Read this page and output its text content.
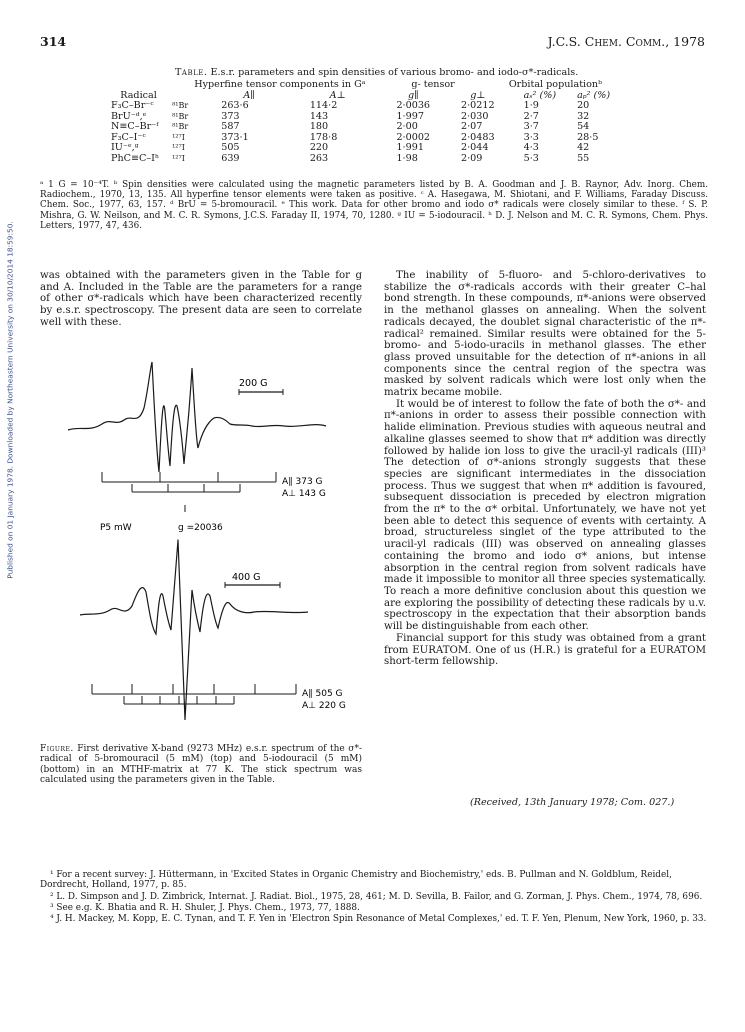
314	J.C.S. Chem. Comm., 1978
Published on 01 January 1978. Downloaded by Northeastern University on 30/10/2014 18:59:50.
Table. E.s.r. parameters and spin densities of various bromo- and iodo-σ*-radicals.
		Hyperfine tensor components in Gᵃ		g- tensor		Orbital populationᵇ	
Radical		A∥	A⊥	g∥	g⊥	aₛ² (%)	aₚ² (%)
F₃C–Br⁻ᶜ	⁸¹Br	263·6	114·2	2·0036	2·0212	1·9	20
BrU⁻ᵈ,ᵉ	⁸¹Br	373	143	1·997	2·030	2·7	32
N≡C–Br⁻ᶠ	⁸¹Br	587	180	2·00	2·07	3·7	54
F₃C–I⁻ᶜ	¹²⁷I	373·1	178·8	2·0002	2·0483	3·3	28·5
IU⁻ᵉ,ᵍ	¹²⁷I	505	220	1·991	2·044	4·3	42
PhC≡C–Iʰ	¹²⁷I	639	263	1·98	2·09	5·3	55
ᵃ 1 G = 10⁻⁴T. ᵇ Spin densities were calculated using the magnetic parameters listed by B. A. Goodman and J. B. Raynor, Adv. Inorg. Chem. Radiochem., 1970, 13, 135. All hyperfine tensor elements were taken as positive. ᶜ A. Hasegawa, M. Shiotani, and F. Williams, Faraday Discuss. Chem. Soc., 1977, 63, 157. ᵈ BrU = 5-bromouracil. ᵉ This work. Data for other bromo and iodo σ* radicals were closely similar to these. ᶠ S. P. Mishra, G. W. Neilson, and M. C. R. Symons, J.C.S. Faraday II, 1974, 70, 1280. ᵍ IU = 5-iodouracil. ʰ D. J. Nelson and M. C. R. Symons, Chem. Phys. Letters, 1977, 47, 436.

was obtained with the parameters given in the Table for g and A. Included in the Table are the parameters for a range of other σ*-radicals which have been characterized recently by e.s.r. spectroscopy. The present data are seen to correlate well with these.

200 G
A∥ 373 G
A⊥ 143 G
P5 mW	g =20036
400 G
A∥ 505 G
A⊥ 220 G
Figure. First derivative X-band (9273 MHz) e.s.r. spectrum of the σ*-radical of 5-bromouracil (5 mM) (top) and 5-iodouracil (5 mM) (bottom) in an MTHF-matrix at 77 K. The stick spectrum was calculated using the parameters given in the Table.

The inability of 5-fluoro- and 5-chloro-derivatives to stabilize the σ*-radicals accords with their greater C–hal bond strength. In these compounds, π*-anions were observed in the methanol glasses on annealing. When the solvent radicals decayed, the doublet signal characteristic of the π*-radical² remained. Similar results were obtained for the 5-bromo- and 5-iodo-uracils in methanol glasses. The ether glass proved unsuitable for the detection of π*-anions in all components since the central region of the spectra was masked by solvent radicals which were lost only when the matrix became mobile.

It would be of interest to follow the fate of both the σ*- and π*-anions in order to assess their possible connection with halide elimination. Previous studies with aqueous neutral and alkaline glasses seemed to show that π* addition was directly followed by halide ion loss to give the uracil-yl radicals (III)³ The detection of σ*-anions strongly suggests that these species are significant intermediates in the dissociation process. Thus we suggest that when π* addition is favoured, subsequent dissociation is preceded by electron migration from the π* to the σ* orbital. Unfortunately, we have not yet been able to detect this sequence of events with certainty. A broad, structureless singlet of the type attributed to the uracil-yl radicals (III) was observed on annealing glasses containing the bromo and iodo σ* anions, but intense absorption in the central region from solvent radicals have made it impossible to monitor all three species systematically. To reach a more definitive conclusion about this question we are exploring the possibility of detecting these radicals by u.v. spectroscopy in the expectation that their absorption bands will be distinguishable from each other.

Financial support for this study was obtained from a grant from EURATOM. One of us (H.R.) is grateful for a EURATOM short-term fellowship.

(Received, 13th January 1978; Com. 027.)

¹ For a recent survey: J. Hüttermann, in 'Excited States in Organic Chemistry and Biochemistry,' eds. B. Pullman and N. Goldblum, Reidel, Dordrecht, Holland, 1977, p. 85.

² L. D. Simpson and J. D. Zimbrick, Internat. J. Radiat. Biol., 1975, 28, 461; M. D. Sevilla, B. Failor, and G. Zorman, J. Phys. Chem., 1974, 78, 696.

³ See e.g. K. Bhatia and R. H. Shuler, J. Phys. Chem., 1973, 77, 1888.

⁴ J. H. Mackey, M. Kopp, E. C. Tynan, and T. F. Yen in 'Electron Spin Resonance of Metal Complexes,' ed. T. F. Yen, Plenum, New York, 1960, p. 33.
